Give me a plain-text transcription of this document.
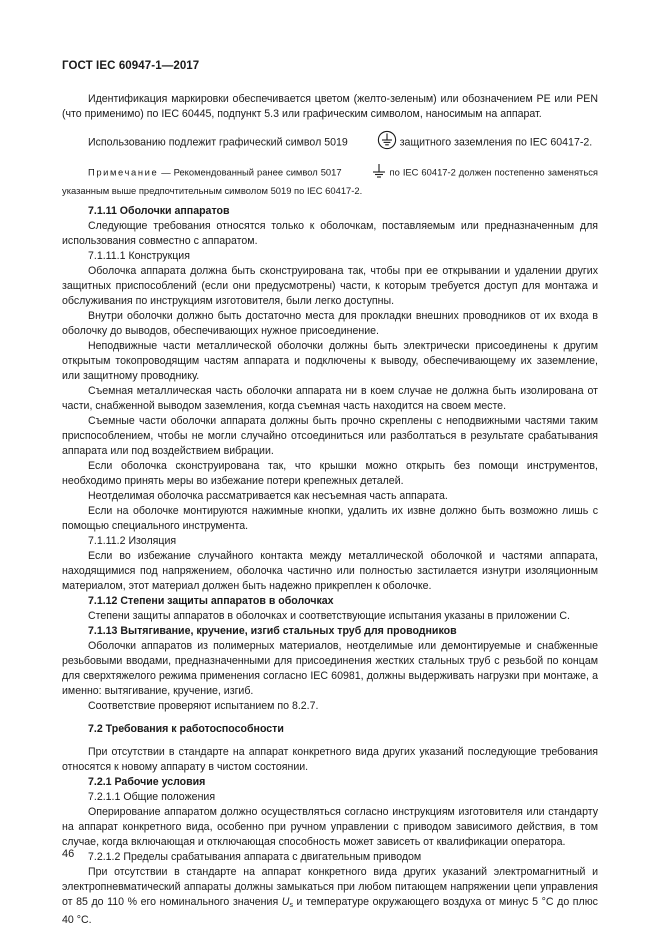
ГОСТ IEC 60947-1—2017

Идентификация маркировки обеспечивается цветом (желто-зеленым) или обозначением PE или PEN (что применимо) по IEC 60445, подпункт 5.3 или графическим символом, наносимым на аппарат.

Использованию подлежит графический символ 5019	защитного заземления по IEC 60417-2.

Примечание — Рекомендованный ранее символ 5017	по IEC 60417-2 должен постепенно заменяться указанным выше предпочтительным символом 5019 по IEC 60417-2.

7.1.11 Оболочки аппаратов

Следующие требования относятся только к оболочкам, поставляемым или предназначенным для использования совместно с аппаратом.

7.1.11.1 Конструкция

Оболочка аппарата должна быть сконструирована так, чтобы при ее открывании и удалении других защитных приспособлений (если они предусмотрены) части, к которым требуется доступ для монтажа и обслуживания по инструкциям изготовителя, были легко доступны.

Внутри оболочки должно быть достаточно места для прокладки внешних проводников от их входа в оболочку до выводов, обеспечивающих нужное присоединение.

Неподвижные части металлической оболочки должны быть электрически присоединены к другим открытым токопроводящим частям аппарата и подключены к выводу, обеспечивающему их заземление, или защитному проводнику.

Съемная металлическая часть оболочки аппарата ни в коем случае не должна быть изолирована от части, снабженной выводом заземления, когда съемная часть находится на своем месте.

Съемные части оболочки аппарата должны быть прочно скреплены с неподвижными частями таким приспособлением, чтобы не могли случайно отсоединиться или разболтаться в результате срабатывания аппарата или под воздействием вибрации.

Если оболочка сконструирована так, что крышки можно открыть без помощи инструментов, необходимо принять меры во избежание потери крепежных деталей.

Неотделимая оболочка рассматривается как несъемная часть аппарата.

Если на оболочке монтируются нажимные кнопки, удалить их извне должно быть возможно лишь с помощью специального инструмента.

7.1.11.2 Изоляция

Если во избежание случайного контакта между металлической оболочкой и частями аппарата, находящимися под напряжением, оболочка частично или полностью застилается изнутри изоляционным материалом, этот материал должен быть надежно прикреплен к оболочке.

7.1.12 Степени защиты аппаратов в оболочках

Степени защиты аппаратов в оболочках и соответствующие испытания указаны в приложении C.

7.1.13 Вытягивание, кручение, изгиб стальных труб для проводников

Оболочки аппаратов из полимерных материалов, неотделимые или демонтируемые и снабженные резьбовыми вводами, предназначенными для присоединения жестких стальных труб с резьбой по концам для сверхтяжелого режима применения согласно IEC 60981, должны выдерживать нагрузки при монтаже, а именно: вытягивание, кручение, изгиб.

Соответствие проверяют испытанием по 8.2.7.

7.2 Требования к работоспособности

При отсутствии в стандарте на аппарат конкретного вида других указаний последующие требования относятся к новому аппарату в чистом состоянии.

7.2.1 Рабочие условия

7.2.1.1 Общие положения

Оперирование аппаратом должно осуществляться согласно инструкциям изготовителя или стандарту на аппарат конкретного вида, особенно при ручном управлении с приводом зависимого действия, в том случае, когда включающая и отключающая способность может зависеть от квалификации оператора.

7.2.1.2 Пределы срабатывания аппарата с двигательным приводом

При отсутствии в стандарте на аппарат конкретного вида других указаний электромагнитный и электропневматический аппараты должны замыкаться при любом питающем напряжении цепи управления от 85 до 110 % его номинального значения $U_s$ и температуре окружающего воздуха от минус 5 °C до плюс 40 °C.

46
